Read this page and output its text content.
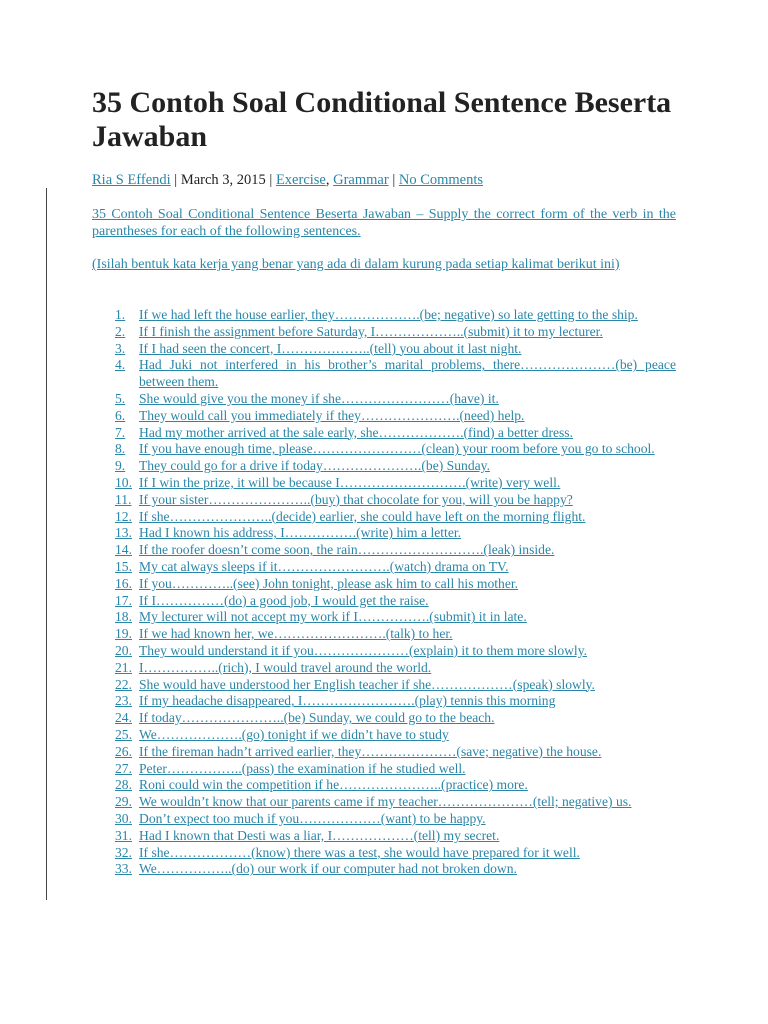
35 Contoh Soal Conditional Sentence Beserta Jawaban
Ria S Effendi | March 3, 2015 | Exercise, Grammar | No Comments
35 Contoh Soal Conditional Sentence Beserta Jawaban – Supply the correct form of the verb in the parentheses for each of the following sentences.
(Isilah bentuk kata kerja yang benar yang ada di dalam kurung pada setiap kalimat berikut ini)
1.	If we had left the house earlier, they……………….(be; negative) so late getting to the ship.
2.	If I finish the assignment before Saturday, I………………..(submit) it to my lecturer.
3.	If I had seen the concert, I………………..(tell) you about it last night.
4.	Had Juki not interfered in his brother’s marital problems, there…………………(be) peace between them.
5.	She would give you the money if she……………………(have) it.
6.	They would call you immediately if they………………….(need) help.
7.	Had my mother arrived at the sale early, she……………….(find) a better dress.
8.	If you have enough time, please……………………(clean) your room before you go to school.
9.	They could go for a drive if today………………….(be) Sunday.
10. If I win the prize, it will be because I……………………….(write) very well.
11. If your sister…………………..(buy) that chocolate for you, will you be happy?
12. If she…………………..(decide) earlier, she could have left on the morning flight.
13. Had I known his address, I…………….(write) him a letter.
14. If the roofer doesn’t come soon, the rain……………………….(leak) inside.
15. My cat always sleeps if it…………………….(watch) drama on TV.
16. If you…………..(see) John tonight, please ask him to call his mother.
17. If I……………(do) a good job, I would get the raise.
18. My lecturer will not accept my work if I…………….(submit) it in late.
19. If we had known her, we…………………….(talk) to her.
20. They would understand it if you…………………(explain) it to them more slowly.
21. I……………..(rich), I would travel around the world.
22. She would have understood her English teacher if she………………(speak) slowly.
23. If my headache disappeared, I…………………….(play) tennis this morning
24. If today…………………..(be) Sunday, we could go to the beach.
25. We……………….(go) tonight if we didn’t have to study
26. If the fireman hadn’t arrived earlier, they…………………(save; negative) the house.
27. Peter……………..(pass) the examination if he studied well.
28. Roni could win the competition if he…………………..(practice) more.
29. We wouldn’t know that our parents came if my teacher…………………(tell; negative) us.
30. Don’t expect too much if you………………(want) to be happy.
31. Had I known that Desti was a liar, I………………(tell) my secret.
32. If she………………(know) there was a test, she would have prepared for it well.
33. We……………..(do) our work if our computer had not broken down.
